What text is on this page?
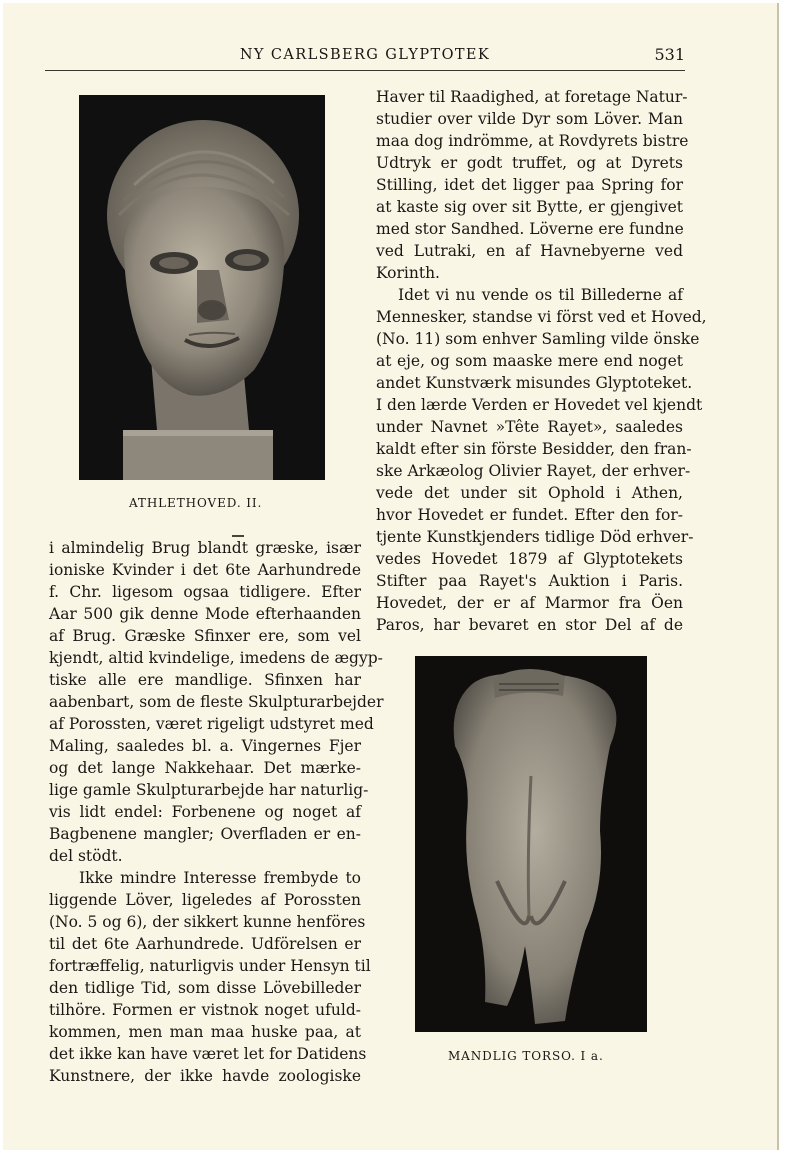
NY CARLSBERG GLYPTOTEK	531
ATHLETHOVED. II.
MANDLIG TORSO. I a.
Haver til Raadighed, at foretage Natur-
studier over vilde Dyr som Löver. Man
maa dog indrömme, at Rovdyrets bistre
Udtryk er godt truffet, og at Dyrets
Stilling, idet det ligger paa Spring for
at kaste sig over sit Bytte, er gjengivet
med stor Sandhed. Löverne ere fundne
ved Lutraki, en af Havnebyerne ved
Korinth.
Idet vi nu vende os til Billederne af
Mennesker, standse vi först ved et Hoved,
(No. 11) som enhver Samling vilde önske
at eje, og som maaske mere end noget
andet Kunstværk misundes Glyptoteket.
I den lærde Verden er Hovedet vel kjendt
under Navnet »Tête Rayet», saaledes
kaldt efter sin förste Besidder, den fran-
ske Arkæolog Olivier Rayet, der erhver-
vede det under sit Ophold i Athen,
hvor Hovedet er fundet. Efter den for-
tjente Kunstkjenders tidlige Död erhver-
vedes Hovedet 1879 af Glyptotekets
Stifter paa Rayet's Auktion i Paris.
Hovedet, der er af Marmor fra Öen
Paros, har bevaret en stor Del af de
i almindelig Brug blandt græske, især
ioniske Kvinder i det 6te Aarhundrede
f. Chr. ligesom ogsaa tidligere. Efter
Aar 500 gik denne Mode efterhaanden
af Brug. Græske Sfinxer ere, som vel
kjendt, altid kvindelige, imedens de ægyp-
tiske alle ere mandlige. Sfinxen har
aabenbart, som de fleste Skulpturarbejder
af Porossten, været rigeligt udstyret med
Maling, saaledes bl. a. Vingernes Fjer
og det lange Nakkehaar. Det mærke-
lige gamle Skulpturarbejde har naturlig-
vis lidt endel: Forbenene og noget af
Bagbenene mangler; Overfladen er en-
del stödt.
Ikke mindre Interesse frembyde to
liggende Löver, ligeledes af Porossten
(No. 5 og 6), der sikkert kunne henföres
til det 6te Aarhundrede. Udförelsen er
fortræffelig, naturligvis under Hensyn til
den tidlige Tid, som disse Lövebilleder
tilhöre. Formen er vistnok noget ufuld-
kommen, men man maa huske paa, at
det ikke kan have været let for Datidens
Kunstnere, der ikke havde zoologiske
